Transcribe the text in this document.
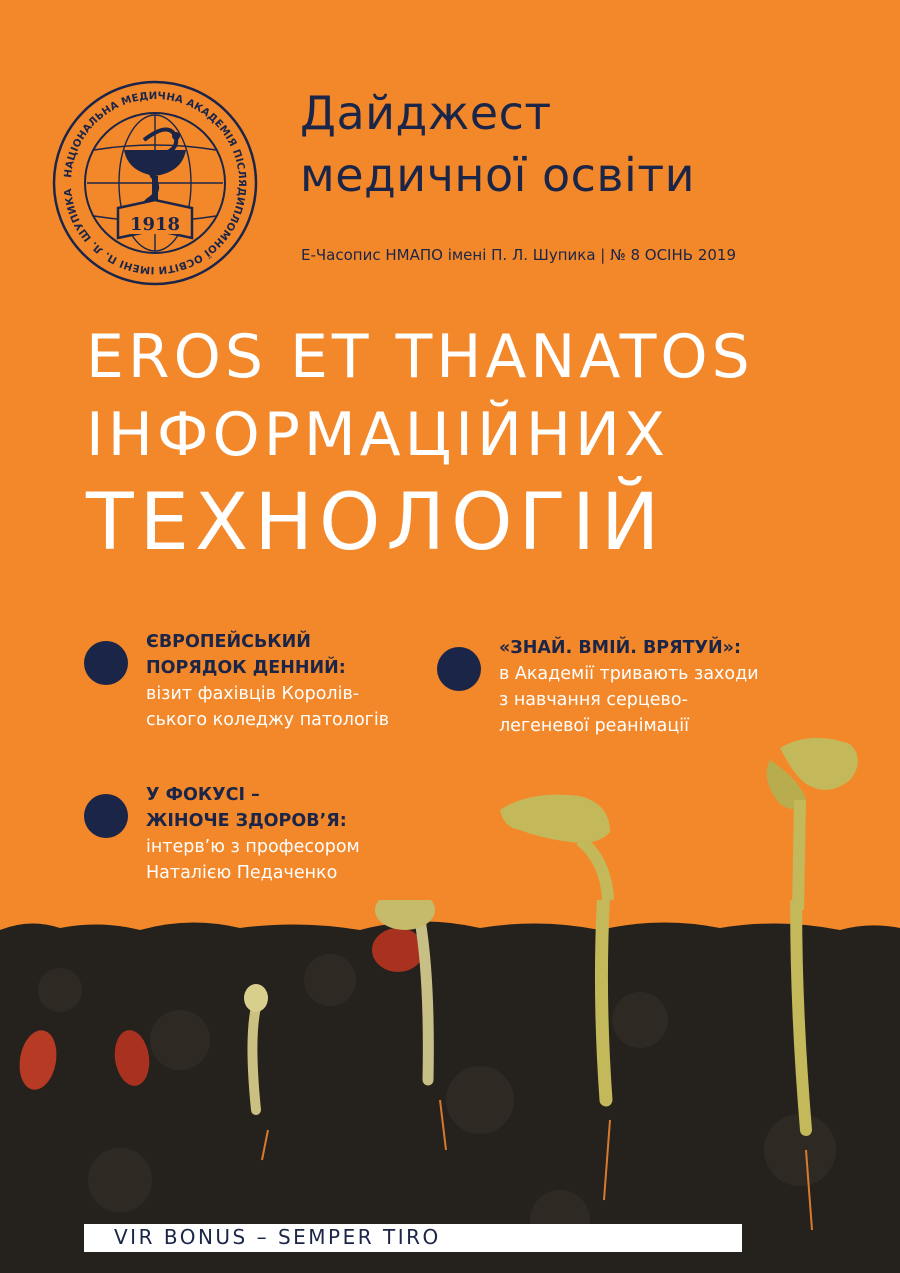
1918
НАЦІОНАЛЬНА МЕДИЧНА АКАДЕМІЯ ПІСЛЯДИПЛОМНОЇ ОСВІТИ ІМЕНІ П. Л. ШУПИКА
Дайджест
медичної освіти
Е-Часопис НМАПО імені П. Л. Шупика | № 8 ОСІНЬ 2019
EROS ET THANATOS
ІНФОРМАЦІЙНИХ
ТЕХНОЛОГІЙ
ЄВРОПЕЙСЬКИЙ
ПОРЯДОК ДЕННИЙ:
візит фахівців Королів-
ського коледжу патологів
«ЗНАЙ. ВМІЙ. ВРЯТУЙ»:
в Академії тривають заходи
з навчання серцево-
легеневої реанімації
У ФОКУСІ –
ЖІНОЧЕ ЗДОРОВ’Я:
інтерв’ю з професором
Наталією Педаченко
VIR BONUS – SEMPER TIRO
